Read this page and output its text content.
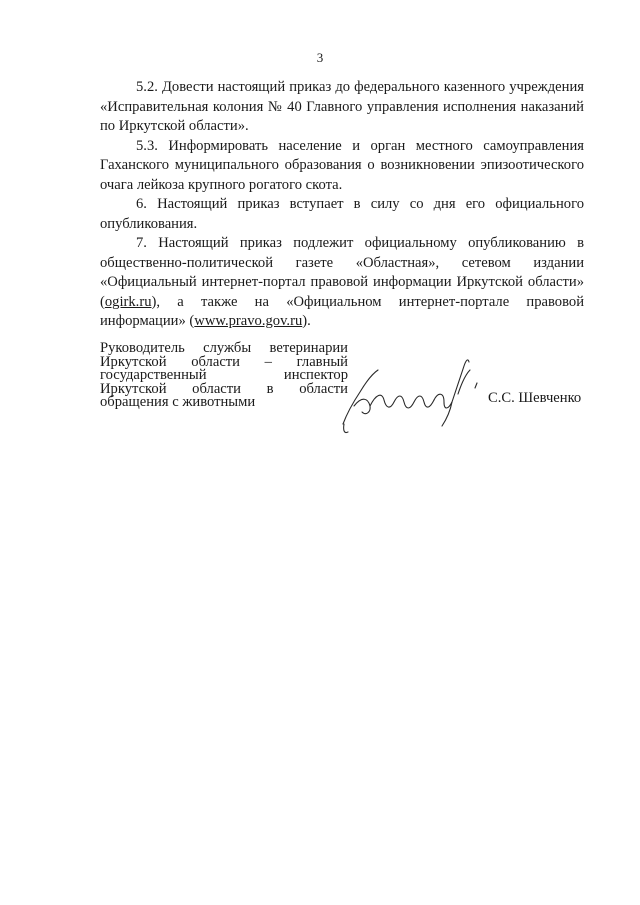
3

5.2. Довести настоящий приказ до федерального казенного учреждения «Исправительная колония № 40 Главного управления исполнения наказаний по Иркутской области».

5.3. Информировать население и орган местного самоуправления Гаханского муниципального образования о возникновении эпизоотического очага лейкоза крупного рогатого скота.

6. Настоящий приказ вступает в силу со дня его официального опубликования.

7. Настоящий приказ подлежит официальному опубликованию в общественно-политической газете «Областная», сетевом издании «Официальный интернет-портал правовой информации Иркутской области» (ogirk.ru), а также на «Официальном интернет-портале правовой информации» (www.pravo.gov.ru).

Руководитель службы ветеринарии
Иркутской области – главный
государственный инспектор
Иркутской области в области
обращения с животными	С.С. Шевченко
